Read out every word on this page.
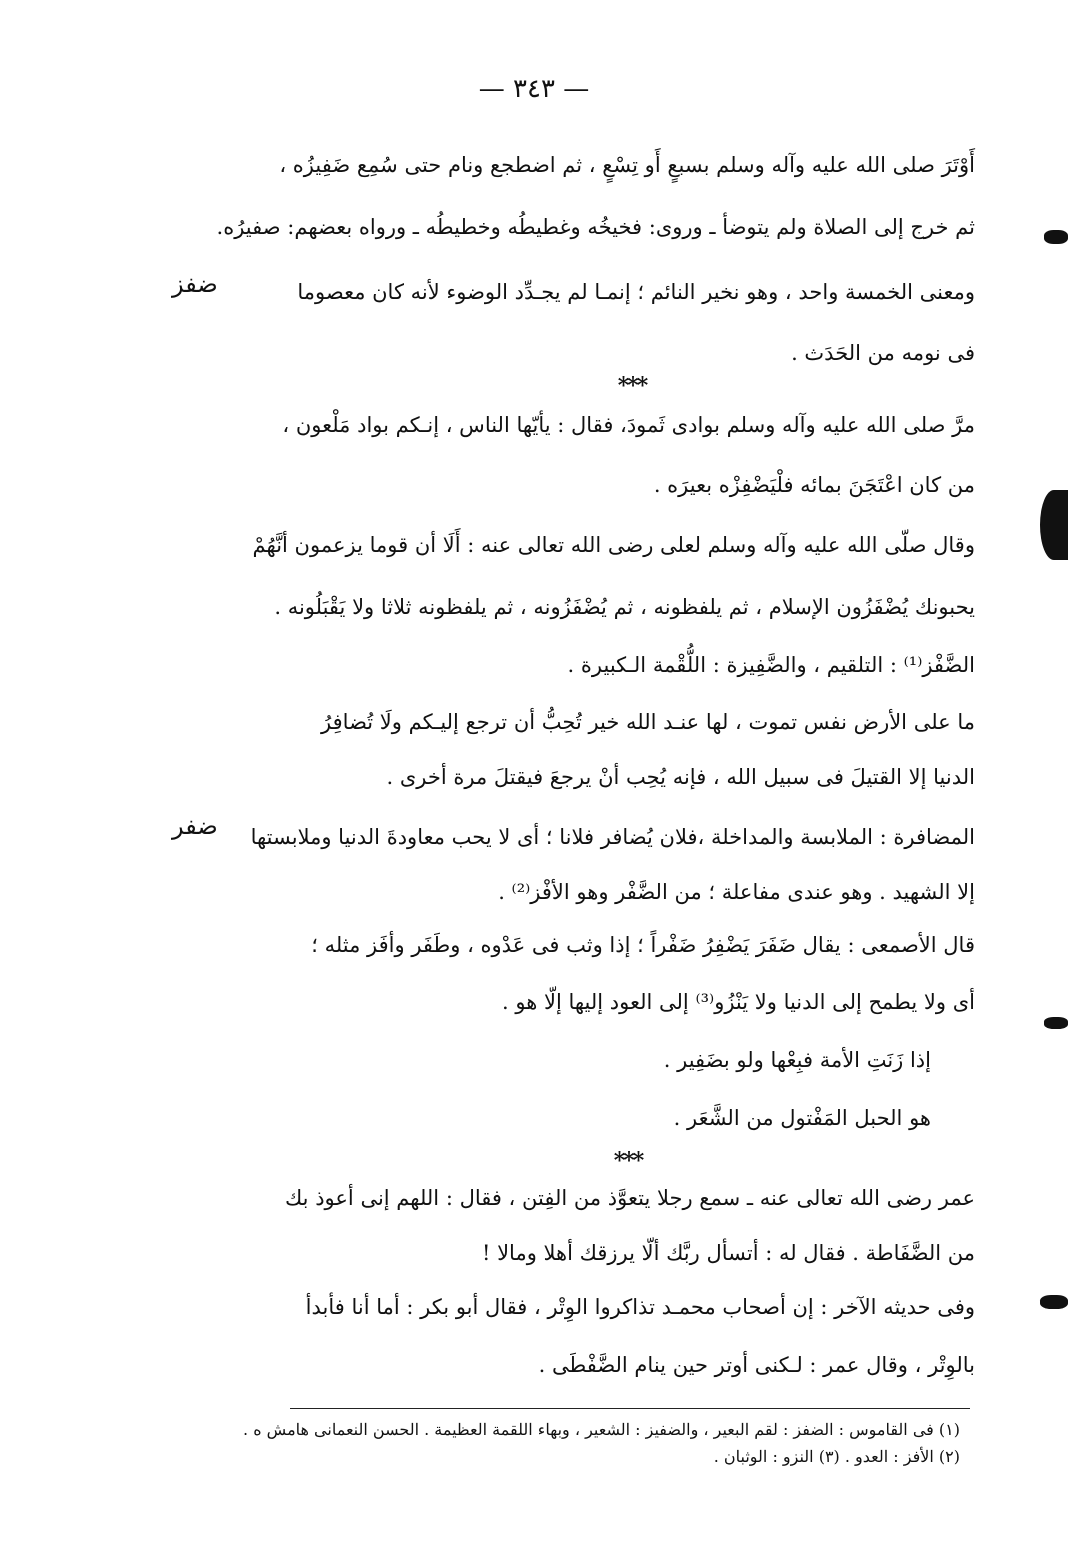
— ٣٤٣ —
أَوْتَرَ صلى الله عليه وآله وسلم بسبعٍ أَو تِسْعٍ ، ثم اضطجع ونام حتى سُمِع ضَفِيزُه ،
ثم خرج إلى الصلاة ولم يتوضأ ـ وروى: فخيخُه وغطيطُه وخطيطُه ـ ورواه بعضهم: صفيرُه.
ومعنى الخمسة واحد ، وهو نخير النائم ؛ إنمـا لم يجـدِّد الوضوء لأنه كان معصوما
فى نومه من الحَدَث .
***
مرَّ صلى الله عليه وآله وسلم بوادى ثَمودَ، فقال : يأيّها الناس ، إنـكم بواد مَلْعون ،
من كان اعْتَجَنَ بمائه فلْيَضْفِزْه بعيرَه .
وقال صلّى الله عليه وآله وسلم لعلى رضى الله تعالى عنه : أَلَا أن قوما يزعمون أنَّهُمْ
يحبونك يُضْفَزُون الإسلام ، ثم يلفظونه ، ثم يُضْفَزُونه ، ثم يلفظونه ثلاثا ولا يَقْبَلُونه .
الضَّفْز⁽¹⁾ : التلقيم ، والضَّفِيزة : اللُّقْمة الـكبيرة .
ما على الأرض نفس تموت ، لها عنـد الله خير تُحِبُّ أن ترجع إليـكم ولَا تُضافِرُ
الدنيا إلا القتيلَ فى سبيل الله ، فإنه يُحِب أنْ يرجعَ فيقتلَ مرة أخرى .
المضافرة : الملابسة والمداخلة ،فلان يُضافر فلانا ؛ أى لا يحب معاودةَ الدنيا وملابستها
إلا الشهيد . وهو عندى مفاعلة ؛ من الضَّفْر وهو الأفْز⁽²⁾ .
قال الأصمعى : يقال ضَفَرَ يَضْفِرُ ضَفْراً ؛ إذا وثب فى عَدْوه ، وطَفَر وأفَز مثله ؛
أى ولا يطمح إلى الدنيا ولا يَنْزُو⁽³⁾ إلى العود إليها إلّا هو .
إذا زَنَتِ الأمة فبِعْها ولو بضَفِير .
هو الحبل المَفْتول من الشَّعَر .
***
عمر رضى الله تعالى عنه ـ سمع رجلا يتعوَّذ من الفِتن ، فقال : اللهم إنى أعوذ بك
من الضَّفَاطة . فقال له : أتسأل ربَّك ألّا يرزقك أهلا ومالا !
وفى حديثه الآخر : إن أصحاب محمـد تذاكروا الوِتْر ، فقال أبو بكر : أما أنا فأبدأ
بالوِتْر ، وقال عمر : لـكنى أوتر حين ينام الضَّفْطَى .
ضفز
ضفر
(١) فى القاموس : الضفز : لقم البعير ، والضفيز : الشعير ، وبهاء اللقمة العظيمة . الحسن النعمانى هامش ه .
(٢) الأفز : العدو . (٣) النزو : الوثبان .
